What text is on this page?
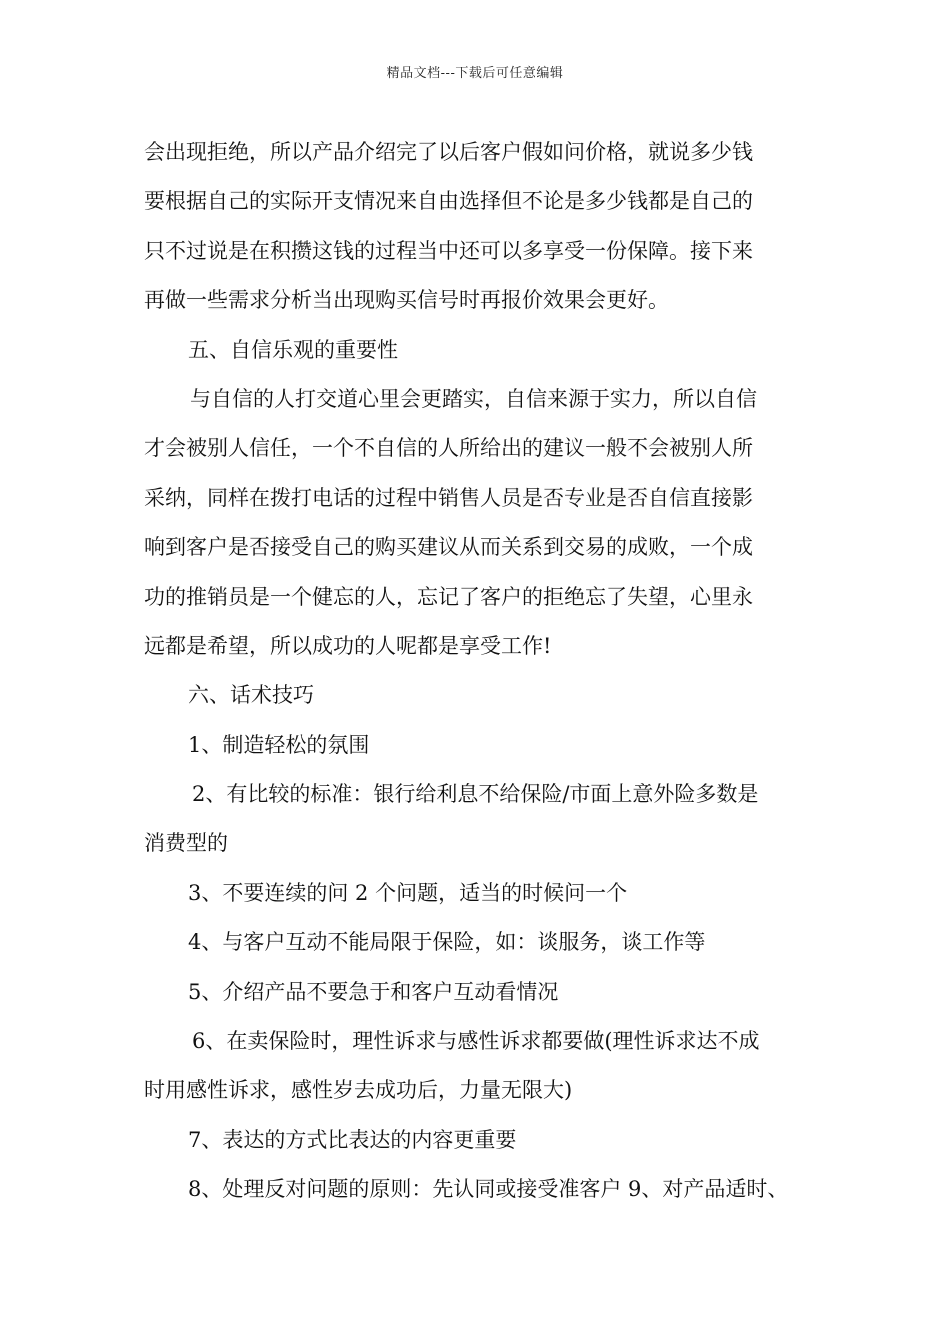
精品文档---下载后可任意编辑
会出现拒绝，所以产品介绍完了以后客户假如问价格，就说多少钱
要根据自己的实际开支情况来自由选择但不论是多少钱都是自己的
只不过说是在积攒这钱的过程当中还可以多享受一份保障。接下来
再做一些需求分析当出现购买信号时再报价效果会更好。
五、自信乐观的重要性
与自信的人打交道心里会更踏实，自信来源于实力，所以自信
才会被别人信任，一个不自信的人所给出的建议一般不会被别人所
采纳，同样在拨打电话的过程中销售人员是否专业是否自信直接影
响到客户是否接受自己的购买建议从而关系到交易的成败，一个成
功的推销员是一个健忘的人，忘记了客户的拒绝忘了失望，心里永
远都是希望，所以成功的人呢都是享受工作!
六、话术技巧
1、制造轻松的氛围
2、有比较的标准：银行给利息不给保险/市面上意外险多数是
消费型的
3、不要连续的问 2 个问题，适当的时候问一个
4、与客户互动不能局限于保险，如：谈服务，谈工作等
5、介绍产品不要急于和客户互动看情况
6、在卖保险时，理性诉求与感性诉求都要做(理性诉求达不成
时用感性诉求，感性岁去成功后，力量无限大)
7、表达的方式比表达的内容更重要
8、处理反对问题的原则：先认同或接受准客户 9、对产品适时、
